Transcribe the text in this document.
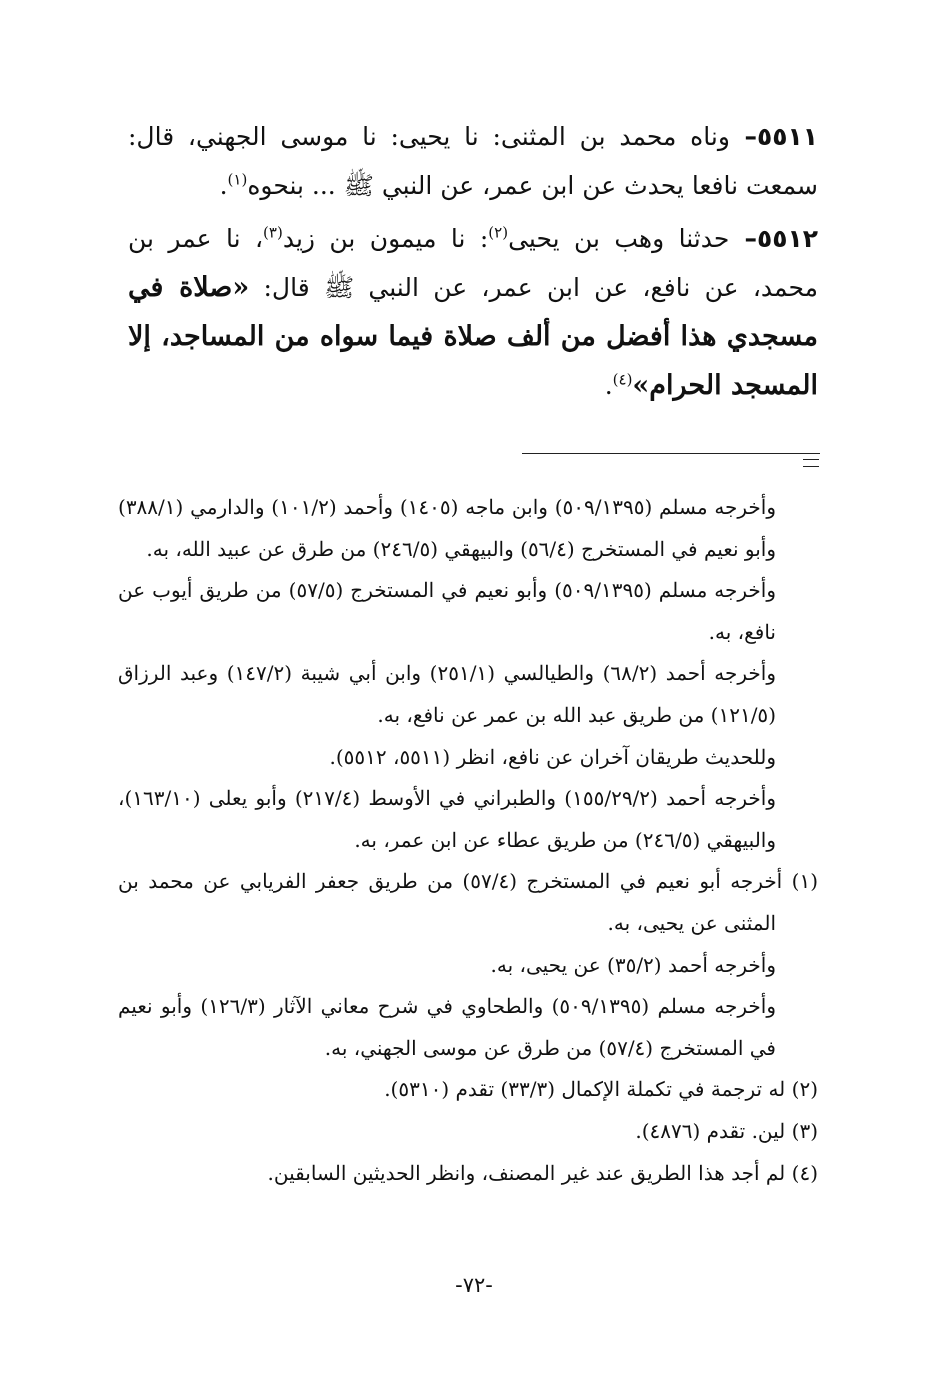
٥٥١١– وناه محمد بن المثنى: نا يحيى: نا موسى الجهني، قال: سمعت نافعا يحدث عن ابن عمر، عن النبي ﷺ ... بنحوه$^{(١)}$.

٥٥١٢– حدثنا وهب بن يحيى$^{(٢)}$: نا ميمون بن زيد$^{(٣)}$، نا عمر بن محمد، عن نافع، عن ابن عمر، عن النبي ﷺ قال: «صلاة في مسجدي هذا أفضل من ألف صلاة فيما سواه من المساجد، إلا المسجد الحرام»$^{(٤)}$.

وأخرجه مسلم (٥٠٩/١٣٩٥) وابن ماجه (١٤٠٥) وأحمد (١٠١/٢) والدارمي (٣٨٨/١) وأبو نعيم في المستخرج (٥٦/٤) والبيهقي (٢٤٦/٥) من طرق عن عبيد الله، به.

وأخرجه مسلم (٥٠٩/١٣٩٥) وأبو نعيم في المستخرج (٥٧/٥) من طريق أيوب عن نافع، به.

وأخرجه أحمد (٦٨/٢) والطيالسي (٢٥١/١) وابن أبي شيبة (١٤٧/٢) وعبد الرزاق (١٢١/٥) من طريق عبد الله بن عمر عن نافع، به.

وللحديث طريقان آخران عن نافع، انظر (٥٥١١، ٥٥١٢).

وأخرجه أحمد (١٥٥/٢٩/٢) والطبراني في الأوسط (٢١٧/٤) وأبو يعلى (١٦٣/١٠)، والبيهقي (٢٤٦/٥) من طريق عطاء عن ابن عمر، به.

(١) أخرجه أبو نعيم في المستخرج (٥٧/٤) من طريق جعفر الفريابي عن محمد بن المثنى عن يحيى، به.

وأخرجه أحمد (٣٥/٢) عن يحيى، به.

وأخرجه مسلم (٥٠٩/١٣٩٥) والطحاوي في شرح معاني الآثار (١٢٦/٣) وأبو نعيم في المستخرج (٥٧/٤) من طرق عن موسى الجهني، به.

(٢) له ترجمة في تكملة الإكمال (٣٣/٣) تقدم (٥٣١٠).

(٣) لين. تقدم (٤٨٧٦).

(٤) لم أجد هذا الطريق عند غير المصنف، وانظر الحديثين السابقين.

-٧٢-
